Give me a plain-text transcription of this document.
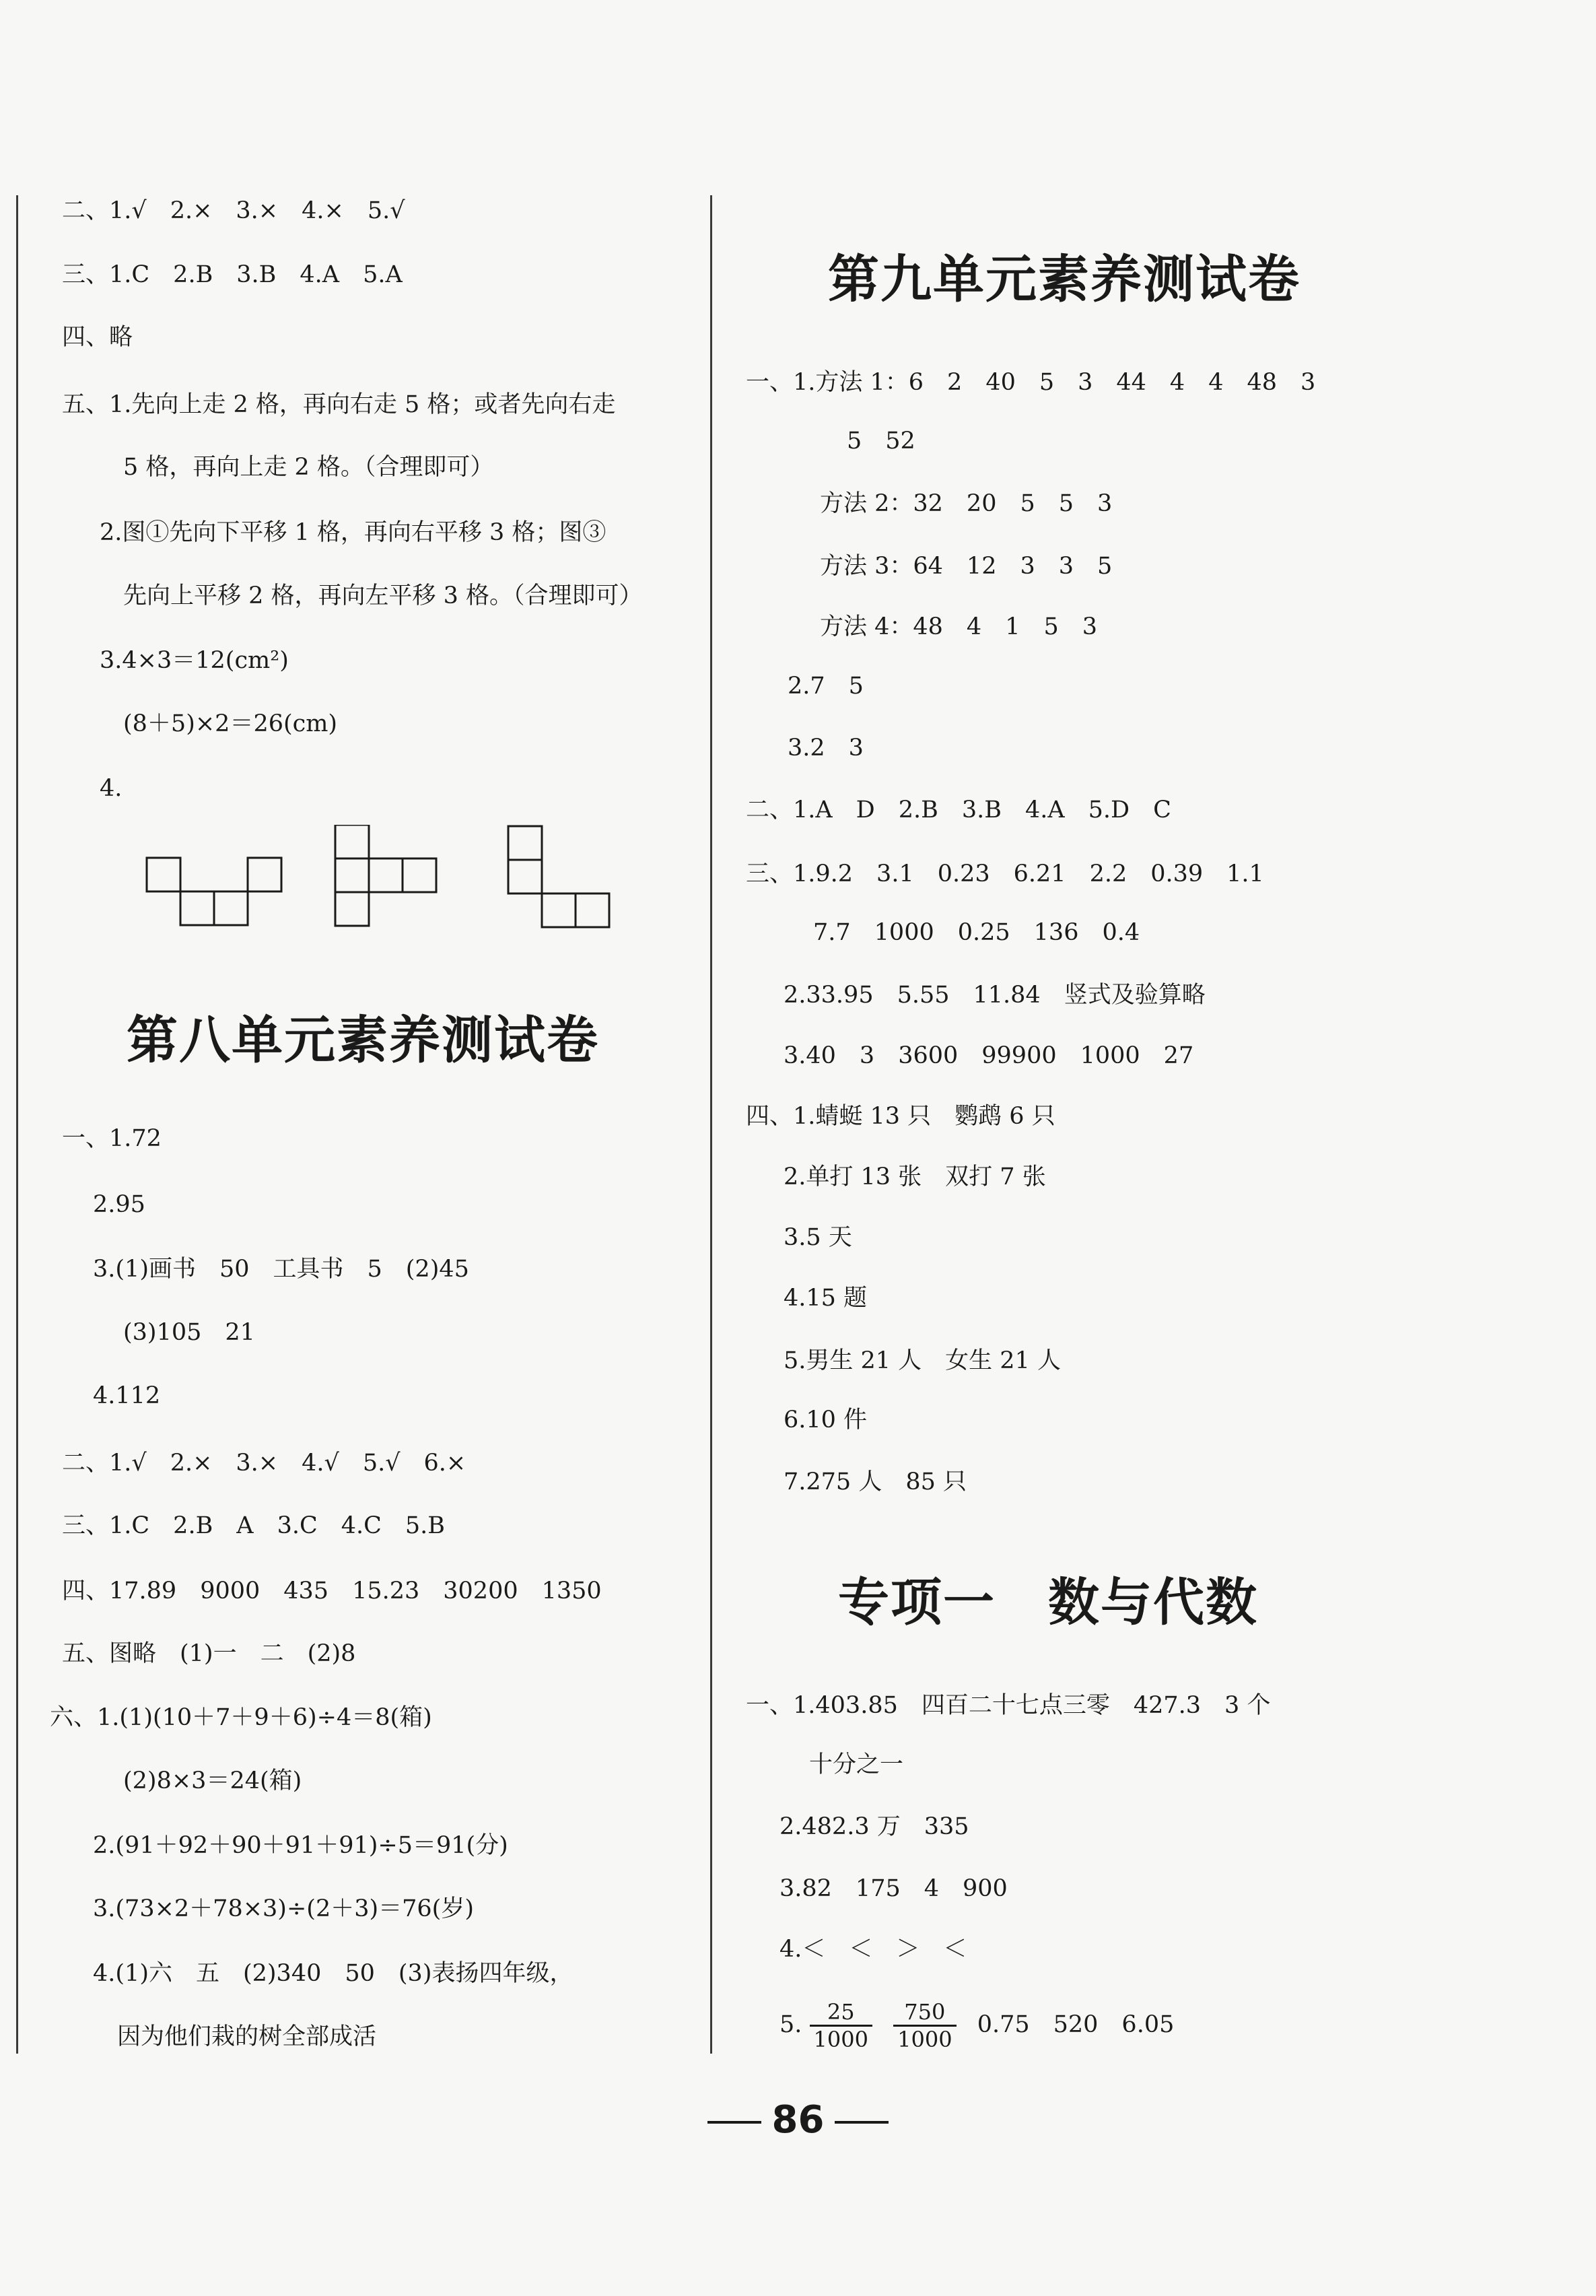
二、1.√　2.×　3.×　4.×　5.√
三、1.C　2.B　3.B　4.A　5.A
四、略
五、1.先向上走 2 格，再向右走 5 格；或者先向右走
5 格，再向上走 2 格。（合理即可）
2.图①先向下平移 1 格，再向右平移 3 格；图③
先向上平移 2 格，再向左平移 3 格。（合理即可）
3.4×3＝12(cm²)
(8＋5)×2＝26(cm)
4.
第八单元素养测试卷
一、1.72
2.95
3.(1)画书　50　工具书　5　(2)45
(3)105　21
4.112
二、1.√　2.×　3.×　4.√　5.√　6.×
三、1.C　2.B　A　3.C　4.C　5.B
四、17.89　9000　435　15.23　30200　1350
五、图略　(1)一　二　(2)8
六、1.(1)(10＋7＋9＋6)÷4＝8(箱)
(2)8×3＝24(箱)
2.(91＋92＋90＋91＋91)÷5＝91(分)
3.(73×2＋78×3)÷(2＋3)＝76(岁)
4.(1)六　五　(2)340　50　(3)表扬四年级，
因为他们栽的树全部成活
第九单元素养测试卷
一、1.方法 1：6　2　40　5　3　44　4　4　48　3
5　52
方法 2：32　20　5　5　3
方法 3：64　12　3　3　5
方法 4：48　4　1　5　3
2.7　5
3.2　3
二、1.A　D　2.B　3.B　4.A　5.D　C
三、1.9.2　3.1　0.23　6.21　2.2　0.39　1.1
7.7　1000　0.25　136　0.4
2.33.95　5.55　11.84　竖式及验算略
3.40　3　3600　99900　1000　27
四、1.蜻蜓 13 只　鹦鹉 6 只
2.单打 13 张　双打 7 张
3.5 天
4.15 题
5.男生 21 人　女生 21 人
6.10 件
7.275 人　85 只
专项一　数与代数
一、1.403.85　四百二十七点三零　427.3　3 个
十分之一
2.482.3 万　335
3.82　175　4　900
4.＜　＜　＞　＜
5. $\frac{25}{1000}$
$\frac{750}{1000} 0.75$　520　6.05
86
